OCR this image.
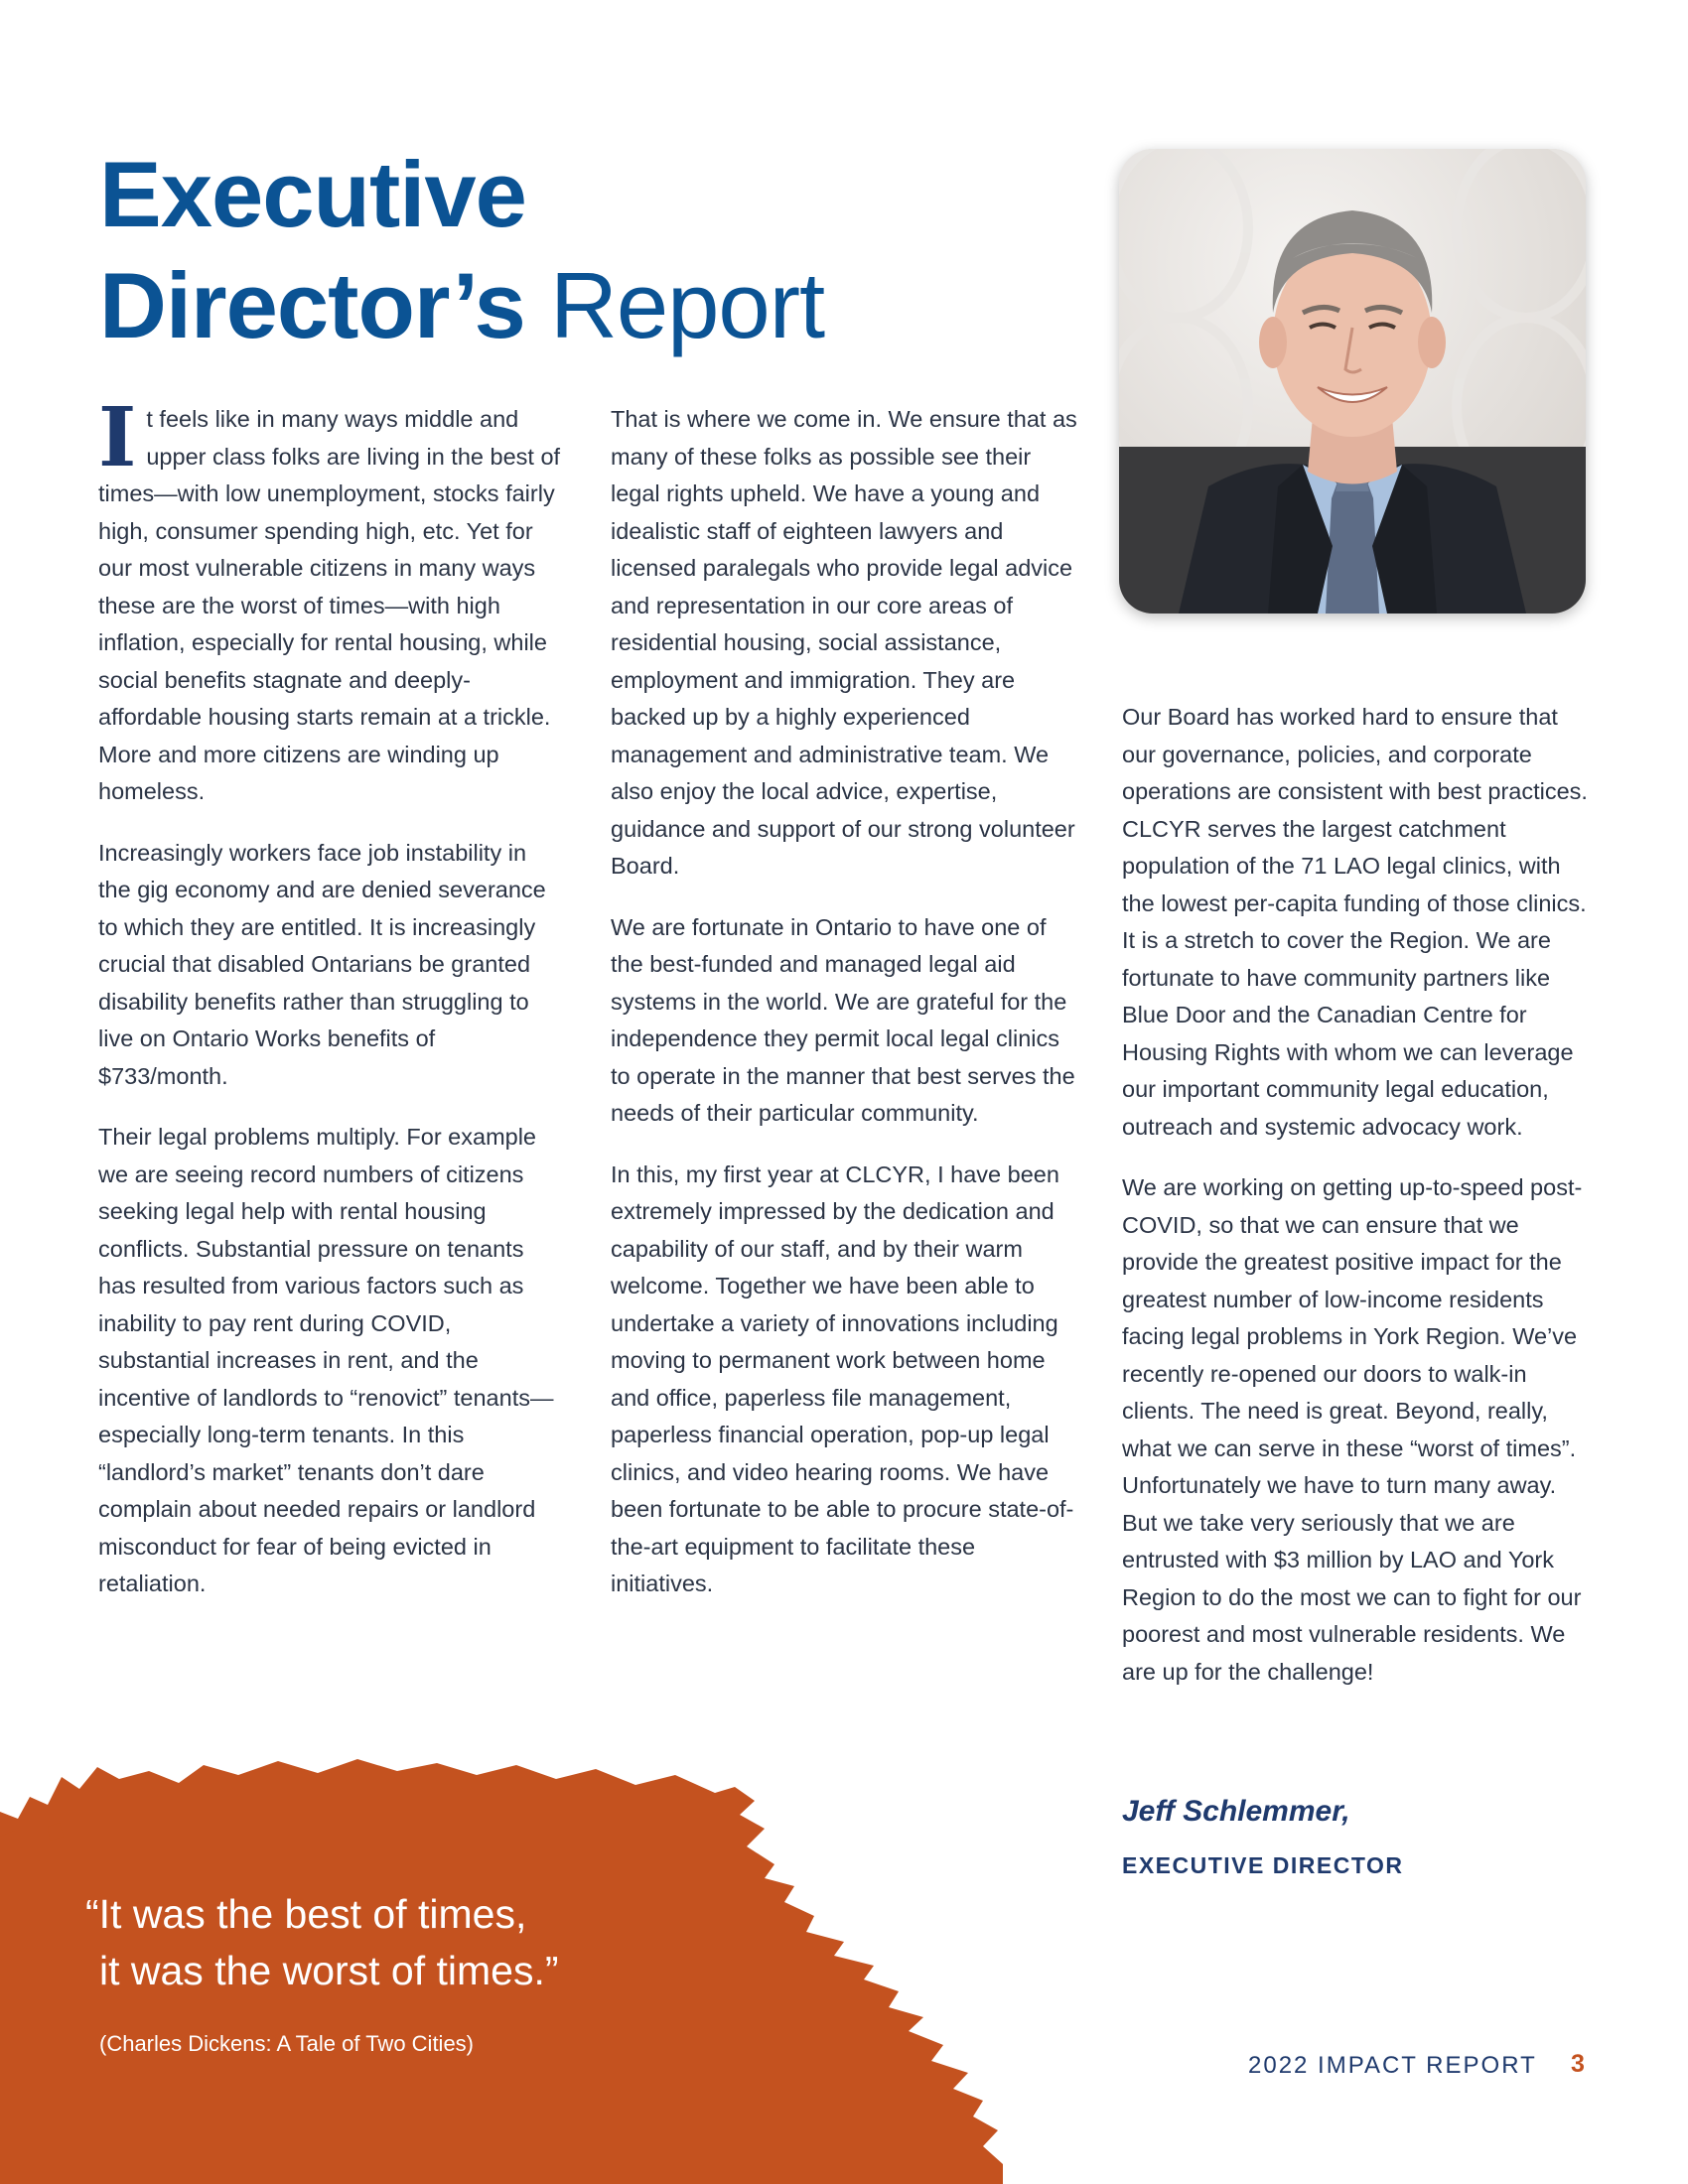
Executive
Director’s Report

It feels like in many ways middle and upper class folks are living in the best of times—with low unemployment, stocks fairly high, consumer spending high, etc. Yet for our most vulnerable citizens in many ways these are the worst of times—with high inflation, especially for rental housing, while social benefits stagnate and deeply-affordable housing starts remain at a trickle. More and more citizens are winding up homeless.

Increasingly workers face job instability in the gig economy and are denied severance to which they are entitled. It is increasingly crucial that disabled Ontarians be granted disability benefits rather than struggling to live on Ontario Works benefits of $733/month.

Their legal problems multiply. For example we are seeing record numbers of citizens seeking legal help with rental housing conflicts. Substantial pressure on tenants has resulted from various factors such as inability to pay rent during COVID, substantial increases in rent, and the incentive of landlords to “renovict” tenants—especially long-term tenants. In this “landlord’s market” tenants don’t dare complain about needed repairs or landlord misconduct for fear of being evicted in retaliation.

That is where we come in. We ensure that as many of these folks as possible see their legal rights upheld. We have a young and idealistic staff of eighteen lawyers and licensed paralegals who provide legal advice and representation in our core areas of residential housing, social assistance, employment and immigration. They are backed up by a highly experienced management and administrative team. We also enjoy the local advice, expertise, guidance and support of our strong volunteer Board.

We are fortunate in Ontario to have one of the best-funded and managed legal aid systems in the world. We are grateful for the independence they permit local legal clinics to operate in the manner that best serves the needs of their particular community.

In this, my first year at CLCYR, I have been extremely impressed by the dedication and capability of our staff, and by their warm welcome. Together we have been able to undertake a variety of innovations including moving to permanent work between home and office, paperless file management, paperless financial operation, pop-up legal clinics, and video hearing rooms. We have been fortunate to be able to procure state-of-the-art equipment to facilitate these initiatives.

Our Board has worked hard to ensure that our governance, policies, and corporate operations are consistent with best practices. CLCYR serves the largest catchment population of the 71 LAO legal clinics, with the lowest per-capita funding of those clinics. It is a stretch to cover the Region. We are fortunate to have community partners like Blue Door and the Canadian Centre for Housing Rights with whom we can leverage our important community legal education, outreach and systemic advocacy work.

We are working on getting up-to-speed post-COVID, so that we can ensure that we provide the greatest positive impact for the greatest number of low-income residents facing legal problems in York Region. We’ve recently re-opened our doors to walk-in clients. The need is great. Beyond, really, what we can serve in these “worst of times”. Unfortunately we have to turn many away. But we take very seriously that we are entrusted with $3 million by LAO and York Region to do the most we can to fight for our poorest and most vulnerable residents. We are up for the challenge!

Jeff Schlemmer,
EXECUTIVE DIRECTOR
“It was the best of times,
it was the worst of times.”
(Charles Dickens: A Tale of Two Cities)
2022 IMPACT REPORT 3
